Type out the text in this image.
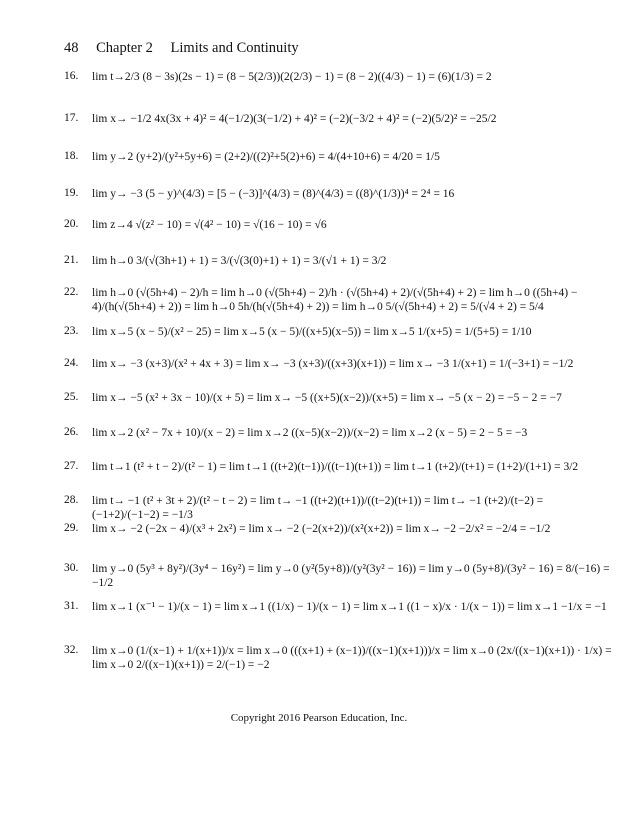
48 Chapter 2 Limits and Continuity
16. lim t→2/3 (8 − 3s)(2s − 1) = (8 − 5(2/3))(2(2/3) − 1) = (8 − 2)((4/3) − 1) = (6)(1/3) = 2
17. lim x→ −1/2 4x(3x + 4)² = 4(−1/2)(3(−1/2) + 4)² = (−2)(−3/2 + 4)² = (−2)(5/2)² = −25/2
18. lim y→2 (y+2)/(y²+5y+6) = (2+2)/((2)²+5(2)+6) = 4/(4+10+6) = 4/20 = 1/5
19. lim y→ −3 (5 − y)^(4/3) = [5 − (−3)]^(4/3) = (8)^(4/3) = ((8)^(1/3))⁴ = 2⁴ = 16
20. lim z→4 √(z² − 10) = √(4² − 10) = √(16 − 10) = √6
21. lim h→0 3/(√(3h+1) + 1) = 3/(√(3(0)+1) + 1) = 3/(√1 + 1) = 3/2
22. lim h→0 (√(5h+4) − 2)/h = lim h→0 (√(5h+4) − 2)/h · (√(5h+4) + 2)/(√(5h+4) + 2) = lim h→0 ((5h+4) − 4)/(h(√(5h+4) + 2)) = lim h→0 5h/(h(√(5h+4) + 2)) = lim h→0 5/(√(5h+4) + 2) = 5/(√4 + 2) = 5/4
23. lim x→5 (x − 5)/(x² − 25) = lim x→5 (x − 5)/((x+5)(x−5)) = lim x→5 1/(x+5) = 1/(5+5) = 1/10
24. lim x→ −3 (x+3)/(x² + 4x + 3) = lim x→ −3 (x+3)/((x+3)(x+1)) = lim x→ −3 1/(x+1) = 1/(−3+1) = −1/2
25. lim x→ −5 (x² + 3x − 10)/(x + 5) = lim x→ −5 ((x+5)(x−2))/(x+5) = lim x→ −5 (x − 2) = −5 − 2 = −7
26. lim x→2 (x² − 7x + 10)/(x − 2) = lim x→2 ((x−5)(x−2))/(x−2) = lim x→2 (x − 5) = 2 − 5 = −3
27. lim t→1 (t² + t − 2)/(t² − 1) = lim t→1 ((t+2)(t−1))/((t−1)(t+1)) = lim t→1 (t+2)/(t+1) = (1+2)/(1+1) = 3/2
28. lim t→ −1 (t² + 3t + 2)/(t² − t − 2) = lim t→ −1 ((t+2)(t+1))/((t−2)(t+1)) = lim t→ −1 (t+2)/(t−2) = (−1+2)/(−1−2) = −1/3
29. lim x→ −2 (−2x − 4)/(x³ + 2x²) = lim x→ −2 (−2(x+2))/(x²(x+2)) = lim x→ −2 −2/x² = −2/4 = −1/2
30. lim y→0 (5y³ + 8y²)/(3y⁴ − 16y²) = lim y→0 (y²(5y+8))/(y²(3y² − 16)) = lim y→0 (5y+8)/(3y² − 16) = 8/(−16) = −1/2
31. lim x→1 (x⁻¹ − 1)/(x − 1) = lim x→1 ((1/x) − 1)/(x − 1) = lim x→1 ((1 − x)/x · 1/(x − 1)) = lim x→1 −1/x = −1
32. lim x→0 (1/(x−1) + 1/(x+1))/x = lim x→0 (((x+1) + (x−1))/((x−1)(x+1)))/x = lim x→0 (2x/((x−1)(x+1)) · 1/x) = lim x→0 2/((x−1)(x+1)) = 2/(−1) = −2
Copyright 2016 Pearson Education, Inc.
